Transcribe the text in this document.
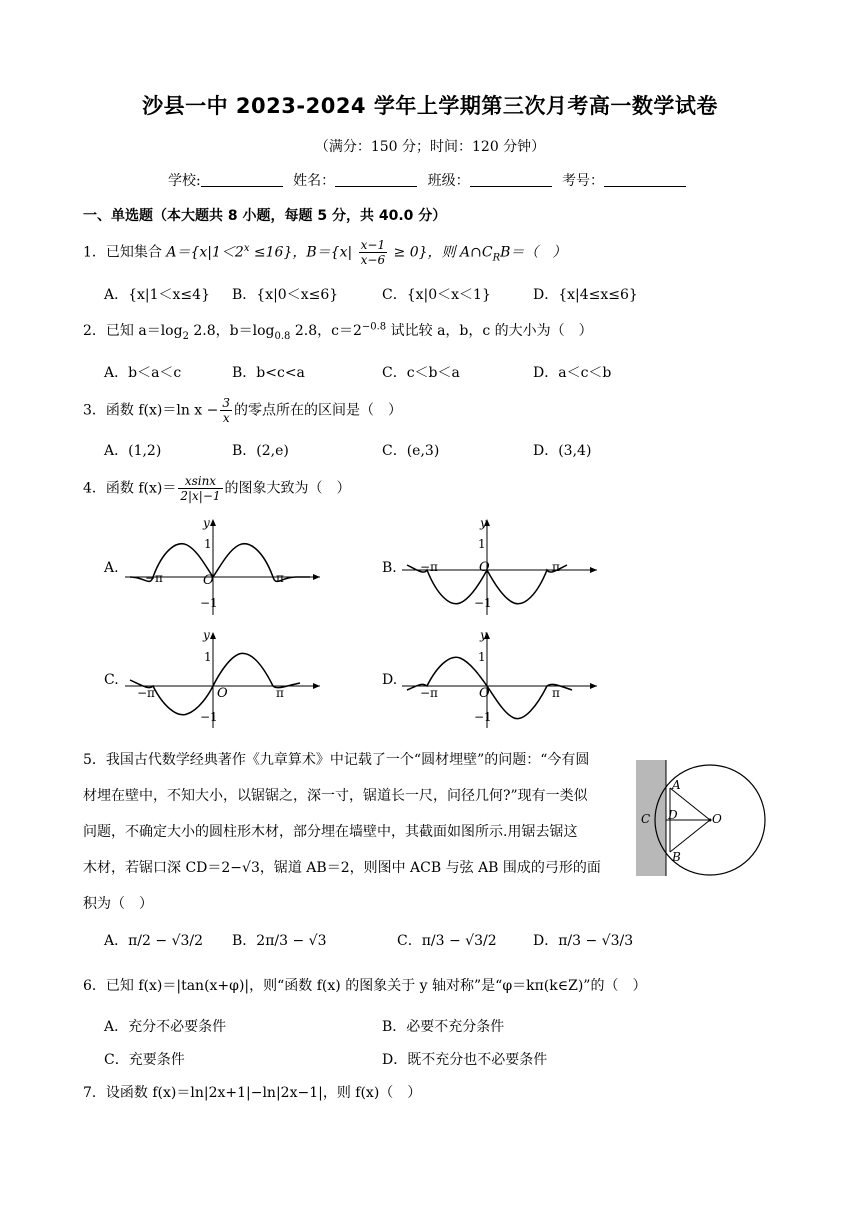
沙县一中 2023-2024 学年上学期第三次月考高一数学试卷
（满分：150 分；时间：120 分钟）
学校:	姓名：	班级：	考号：
一、单选题（本大题共 8 小题，每题 5 分，共 40.0 分）
1．已知集合 $A=\{x|1<2^x \le 16\}$，$B=\{x| \frac{x-1}{x-6} \ge 0\}$，则 $A\cap C_RB=$（　）
A．{x|1＜x≤4} B．{x|0＜x≤6}	C．{x|0＜x＜1}	D．{x|4≤x≤6}
2．已知 $a=\log_2$ 2.8，$b=\log_{0.8}$ 2.8，$c=2^{-0.8}$ 试比较 a，b，c 的大小为（　）
A．b＜a＜c	B．b<c<a	C．c＜b＜a	D．a＜c＜b
3．函数 f(x)＝ln $x - \frac{3}{x}$ 的零点所在的区间是（　）
A．(1,2)	B．(2,e)	C．(e,3)	D．(3,4)
4．函数 $f(x)= \frac{xsinx}{2|x|-1}$ 的图象大致为（　）
A.
y
1
−1
O
−π	π
B.
y
1
−1
O
−π	π
C.
y
1
−1
O
−π	π
D.
y
1
−1
O
−π	π
5．我国古代数学经典著作《九章算术》中记载了一个“圆材埋壁”的问题：“今有圆
材埋在壁中，不知大小，以锯锯之，深一寸，锯道长一尺，问径几何?”现有一类似
问题，不确定大小的圆柱形木材，部分埋在墙壁中，其截面如图所示.用锯去锯这
木材，若锯口深 CD＝2−√3，锯道 AB＝2，则图中 ACB 与弦 AB 围成的弓形的面
积为（　）
A
B
C D	O
A．π/2 − √3/2 B．2π/3 − √3	C．π/3 − √3/2	D．π/3 − √3/3
6．已知 f(x)＝|tan(x+φ)|，则“函数 f(x) 的图象关于 y 轴对称”是“φ＝kπ(k∈Z)”的（　）
A．充分不必要条件	B．必要不充分条件
C．充要条件	D．既不充分也不必要条件
7．设函数 f(x)＝ln|2x+1|−ln|2x−1|，则 f(x)（　）
